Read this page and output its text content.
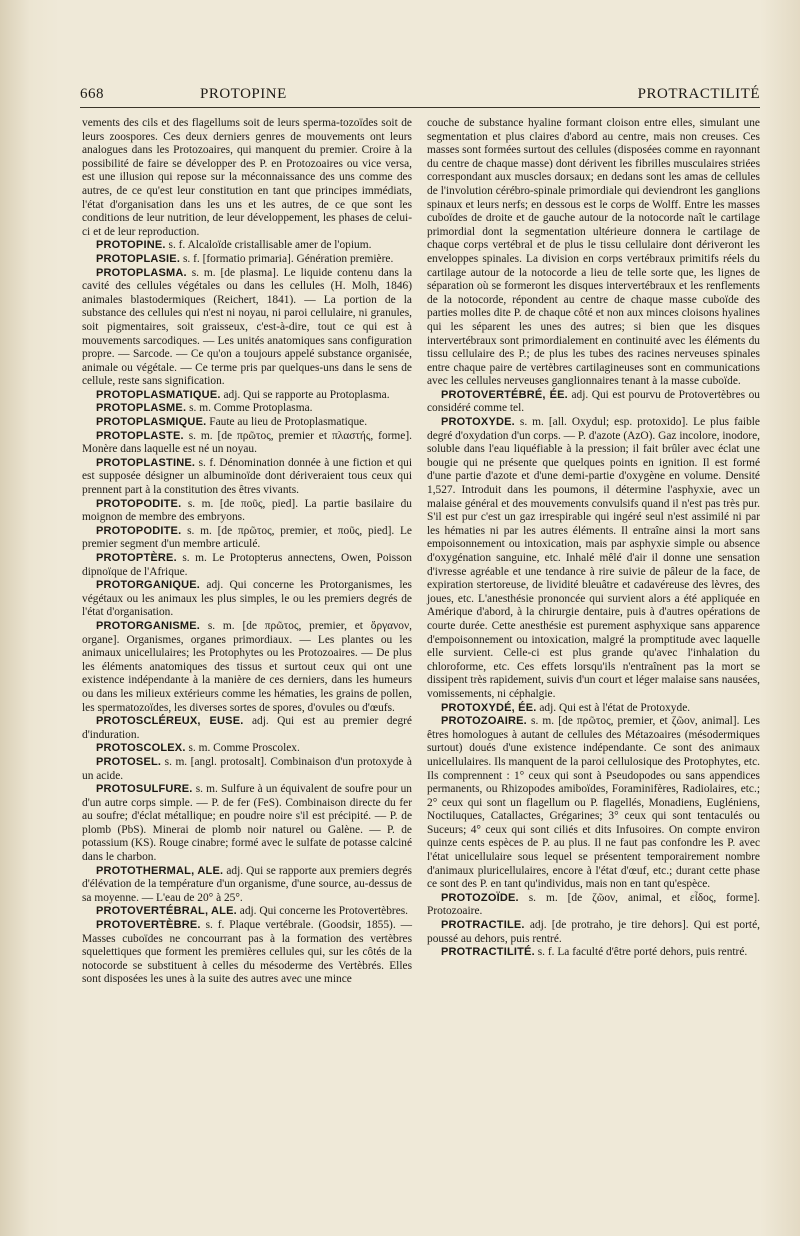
668	PROTOPINE	PROTRACTILITÉ

vements des cils et des flagellums soit de leurs sperma-tozoïdes soit de leurs zoospores. Ces deux derniers genres de mouvements ont leurs analogues dans les Protozoaires, qui manquent du premier. Croire à la possibilité de faire se développer des P. en Protozoaires ou vice versa, est une illusion qui repose sur la méconnaissance des uns comme des autres, de ce qu'est leur constitution en tant que principes immédiats, l'état d'organisation dans les uns et les autres, de ce que sont les conditions de leur nutrition, de leur développement, les phases de celui-ci et de leur reproduction.

PROTOPINE. s. f. Alcaloïde cristallisable amer de l'opium.

PROTOPLASIE. s. f. [formatio primaria]. Génération première.

PROTOPLASMA. s. m. [de plasma]. Le liquide contenu dans la cavité des cellules végétales ou dans les cellules (H. Molh, 1846) animales blastodermiques (Reichert, 1841). — La portion de la substance des cellules qui n'est ni noyau, ni paroi cellulaire, ni granules, soit pigmentaires, soit graisseux, c'est-à-dire, tout ce qui est à mouvements sarcodiques. — Les unités anatomiques sans configuration propre. — Sarcode. — Ce qu'on a toujours appelé substance organisée, animale ou végétale. — Ce terme pris par quelques-uns dans le sens de cellule, reste sans signification.

PROTOPLASMATIQUE. adj. Qui se rapporte au Protoplasma.

PROTOPLASME. s. m. Comme Protoplasma.

PROTOPLASMIQUE. Faute au lieu de Protoplasmatique.

PROTOPLASTE. s. m. [de πρῶτος, premier et πλαστής, forme]. Monère dans laquelle est né un noyau.

PROTOPLASTINE. s. f. Dénomination donnée à une fiction et qui est supposée désigner un albuminoïde dont dériveraient tous ceux qui prennent part à la constitution des êtres vivants.

PROTOPODITE. s. m. [de ποῦς, pied]. La partie basilaire du moignon de membre des embryons.

PROTOPODITE. s. m. [de πρῶτος, premier, et ποῦς, pied]. Le premier segment d'un membre articulé.

PROTOPTÈRE. s. m. Le Protopterus annectens, Owen, Poisson dipnoïque de l'Afrique.

PROTORGANIQUE. adj. Qui concerne les Protorganismes, les végétaux ou les animaux les plus simples, le ou les premiers degrés de l'état d'organisation.

PROTORGANISME. s. m. [de πρῶτος, premier, et ὄργανον, organe]. Organismes, organes primordiaux. — Les plantes ou les animaux unicellulaires; les Protophytes ou les Protozoaires. — De plus les éléments anatomiques des tissus et surtout ceux qui ont une existence indépendante à la manière de ces derniers, dans les humeurs ou dans les milieux extérieurs comme les hématies, les grains de pollen, les spermatozoïdes, les diverses sortes de spores, d'ovules ou d'œufs.

PROTOSCLÉREUX, EUSE. adj. Qui est au premier degré d'induration.

PROTOSCOLEX. s. m. Comme Proscolex.

PROTOSEL. s. m. [angl. protosalt]. Combinaison d'un protoxyde à un acide.

PROTOSULFURE. s. m. Sulfure à un équivalent de soufre pour un d'un autre corps simple. — P. de fer (FeS). Combinaison directe du fer au soufre; d'éclat métallique; en poudre noire s'il est précipité. — P. de plomb (PbS). Minerai de plomb noir naturel ou Galène. — P. de potassium (KS). Rouge cinabre; formé avec le sulfate de potasse calciné dans le charbon.

PROTOTHERMAL, ALE. adj. Qui se rapporte aux premiers degrés d'élévation de la température d'un organisme, d'une source, au-dessus de sa moyenne. — L'eau de 20° à 25°.

PROTOVERTÉBRAL, ALE. adj. Qui concerne les Protovertèbres.

PROTOVERTÈBRE. s. f. Plaque vertébrale. (Goodsir, 1855). — Masses cuboïdes ne concourrant pas à la formation des vertèbres squelettiques que forment les premières cellules qui, sur les côtés de la notocorde se substituent à celles du mésoderme des Vertèbrés. Elles sont disposées les unes à la suite des autres avec une mince

couche de substance hyaline formant cloison entre elles, simulant une segmentation et plus claires d'abord au centre, mais non creuses. Ces masses sont formées surtout des cellules (disposées comme en rayonnant du centre de chaque masse) dont dérivent les fibrilles musculaires striées correspondant aux muscles dorsaux; en dedans sont les amas de cellules de l'involution cérébro-spinale primordiale qui deviendront les ganglions spinaux et leurs nerfs; en dessous est le corps de Wolff. Entre les masses cuboïdes de droite et de gauche autour de la notocorde naît le cartilage primordial dont la segmentation ultérieure donnera le cartilage de chaque corps vertébral et de plus le tissu cellulaire dont dériveront les enveloppes spinales. La division en corps vertébraux primitifs réels du cartilage autour de la notocorde a lieu de telle sorte que, les lignes de séparation où se formeront les disques intervertébraux et les renflements de la notocorde, répondent au centre de chaque masse cuboïde des parties molles dite P. de chaque côté et non aux minces cloisons hyalines qui les séparent les unes des autres; si bien que les disques intervertébraux sont primordialement en continuité avec les éléments du tissu cellulaire des P.; de plus les tubes des racines nerveuses spinales entre chaque paire de vertèbres cartilagineuses sont en communications avec les cellules nerveuses ganglionnaires tenant à la masse cuboïde.

PROTOVERTÉBRÉ, ÉE. adj. Qui est pourvu de Protovertèbres ou considéré comme tel.

PROTOXYDE. s. m. [all. Oxydul; esp. protoxido]. Le plus faible degré d'oxydation d'un corps. — P. d'azote (AzO). Gaz incolore, inodore, soluble dans l'eau liquéfiable à la pression; il fait brûler avec éclat une bougie qui ne présente que quelques points en ignition. Il est formé d'une partie d'azote et d'une demi-partie d'oxygène en volume. Densité 1,527. Introduit dans les poumons, il détermine l'asphyxie, avec un malaise général et des mouvements convulsifs quand il n'est pas très pur. S'il est pur c'est un gaz irrespirable qui ingéré seul n'est assimilé ni par les hématies ni par les autres éléments. Il entraîne ainsi la mort sans empoisonnement ou intoxication, mais par asphyxie simple ou absence d'oxygénation sanguine, etc. Inhalé mêlé d'air il donne une sensation d'ivresse agréable et une tendance à rire suivie de pâleur de la face, de expiration stertoreuse, de lividité bleuâtre et cadavéreuse des lèvres, des joues, etc. L'anesthésie prononcée qui survient alors a été appliquée en Amérique d'abord, à la chirurgie dentaire, puis à d'autres opérations de courte durée. Cette anesthésie est purement asphyxique sans apparence d'empoisonnement ou intoxication, malgré la promptitude avec laquelle elle survient. Celle-ci est plus grande qu'avec l'inhalation du chloroforme, etc. Ces effets lorsqu'ils n'entraînent pas la mort se dissipent très rapidement, suivis d'un court et léger malaise sans nausées, vomissements, ni céphalgie.

PROTOXYDÉ, ÉE. adj. Qui est à l'état de Protoxyde.

PROTOZOAIRE. s. m. [de πρῶτος, premier, et ζῶον, animal]. Les êtres homologues à autant de cellules des Métazoaires (mésodermiques surtout) doués d'une existence indépendante. Ce sont des animaux unicellulaires. Ils manquent de la paroi cellulosique des Protophytes, etc. Ils comprennent : 1° ceux qui sont à Pseudopodes ou sans appendices permanents, ou Rhizopodes amiboïdes, Foraminifères, Radiolaires, etc.; 2° ceux qui sont un flagellum ou P. flagellés, Monadiens, Eugléniens, Noctiluques, Catallactes, Grégarines; 3° ceux qui sont tentaculés ou Suceurs; 4° ceux qui sont ciliés et dits Infusoires. On compte environ quinze cents espèces de P. au plus. Il ne faut pas confondre les P. avec l'état unicellulaire sous lequel se présentent temporairement nombre d'animaux pluricellulaires, encore à l'état d'œuf, etc.; durant cette phase ce sont des P. en tant qu'individus, mais non en tant qu'espèce.

PROTOZOÏDE. s. m. [de ζῶον, animal, et εἶδος, forme]. Protozoaire.

PROTRACTILE. adj. [de protraho, je tire dehors]. Qui est porté, poussé au dehors, puis rentré.

PROTRACTILITÉ. s. f. La faculté d'être porté dehors, puis rentré.
